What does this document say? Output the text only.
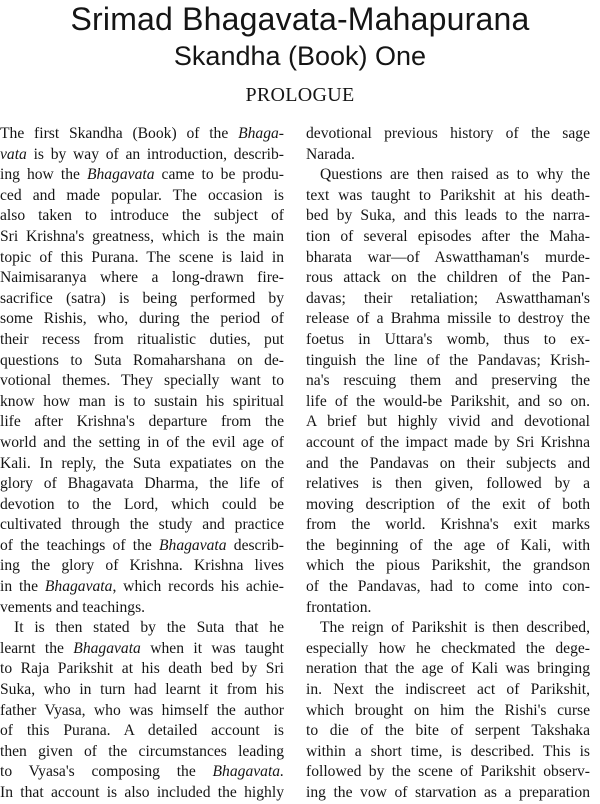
Srimad Bhagavata-Mahapurana
Skandha (Book) One
PROLOGUE
The first Skandha (Book) of the Bhaga-
vata is by way of an introduction, describ-
ing how the Bhagavata came to be produ-
ced and made popular. The occasion is
also taken to introduce the subject of
Sri Krishna's greatness, which is the main
topic of this Purana. The scene is laid in
Naimisaranya where a long-drawn fire-
sacrifice (satra) is being performed by
some Rishis, who, during the period of
their recess from ritualistic duties, put
questions to Suta Romaharshana on de-
votional themes. They specially want to
know how man is to sustain his spiritual
life after Krishna's departure from the
world and the setting in of the evil age of
Kali. In reply, the Suta expatiates on the
glory of Bhagavata Dharma, the life of
devotion to the Lord, which could be
cultivated through the study and practice
of the teachings of the Bhagavata describ-
ing the glory of Krishna. Krishna lives
in the Bhagavata, which records his achie-
vements and teachings.
It is then stated by the Suta that he
learnt the Bhagavata when it was taught
to Raja Parikshit at his death bed by Sri
Suka, who in turn had learnt it from his
father Vyasa, who was himself the author
of this Purana. A detailed account is
then given of the circumstances leading
to Vyasa's composing the Bhagavata.
In that account is also included the highly
devotional previous history of the sage
Narada.
Questions are then raised as to why the
text was taught to Parikshit at his death-
bed by Suka, and this leads to the narra-
tion of several episodes after the Maha-
bharata war—of Aswatthaman's murde-
rous attack on the children of the Pan-
davas; their retaliation; Aswatthaman's
release of a Brahma missile to destroy the
foetus in Uttara's womb, thus to ex-
tinguish the line of the Pandavas; Krish-
na's rescuing them and preserving the
life of the would-be Parikshit, and so on.
A brief but highly vivid and devotional
account of the impact made by Sri Krishna
and the Pandavas on their subjects and
relatives is then given, followed by a
moving description of the exit of both
from the world. Krishna's exit marks
the beginning of the age of Kali, with
which the pious Parikshit, the grandson
of the Pandavas, had to come into con-
frontation.
The reign of Parikshit is then described,
especially how he checkmated the dege-
neration that the age of Kali was bringing
in. Next the indiscreet act of Parikshit,
which brought on him the Rishi's curse
to die of the bite of serpent Takshaka
within a short time, is described. This is
followed by the scene of Parikshit observ-
ing the vow of starvation as a preparation
